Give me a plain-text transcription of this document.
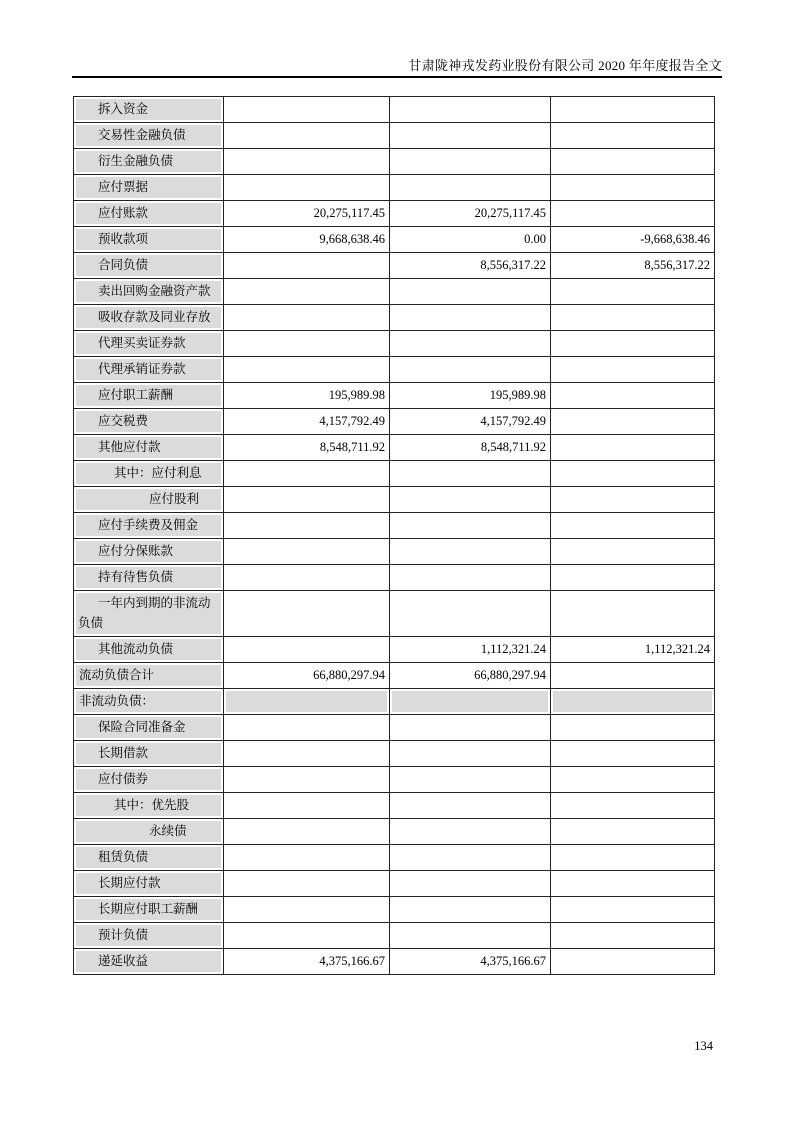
甘肃陇神戎发药业股份有限公司 2020 年年度报告全文
拆入资金			
交易性金融负债			
衍生金融负债			
应付票据			
应付账款	20,275,117.45	20,275,117.45	
预收款项	9,668,638.46	0.00	-9,668,638.46
合同负债		8,556,317.22	8,556,317.22
卖出回购金融资产款			
吸收存款及同业存放			
代理买卖证券款			
代理承销证券款			
应付职工薪酬	195,989.98	195,989.98	
应交税费	4,157,792.49	4,157,792.49	
其他应付款	8,548,711.92	8,548,711.92	
其中：应付利息			
应付股利			
应付手续费及佣金			
应付分保账款			
持有待售负债			
一年内到期的非流动负债			
其他流动负债		1,112,321.24	1,112,321.24
流动负债合计	66,880,297.94	66,880,297.94	
非流动负债：			
保险合同准备金			
长期借款			
应付债券			
其中：优先股			
永续债			
租赁负债			
长期应付款			
长期应付职工薪酬			
预计负债			
递延收益	4,375,166.67	4,375,166.67	
134
